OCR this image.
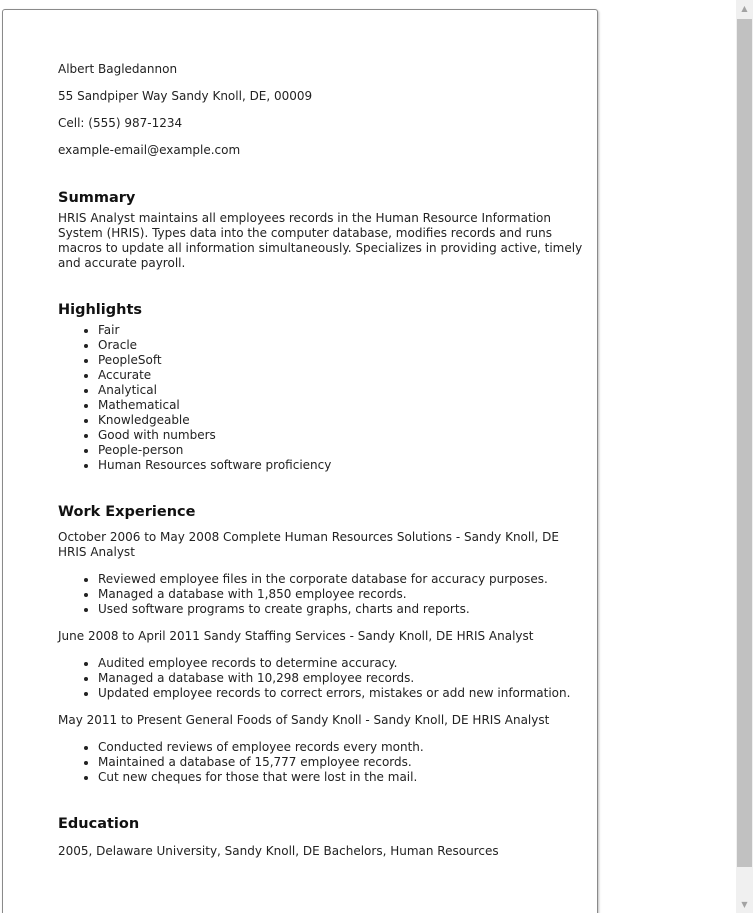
Albert Bagledannon

55 Sandpiper Way Sandy Knoll, DE, 00009

Cell: (555) 987-1234

example-email@example.com

Summary

HRIS Analyst maintains all employees records in the Human Resource Information System (HRIS). Types data into the computer database, modifies records and runs macros to update all information simultaneously. Specializes in providing active, timely and accurate payroll.

Highlights
• Fair
• Oracle
• PeopleSoft
• Accurate
• Analytical
• Mathematical
• Knowledgeable
• Good with numbers
• People-person
• Human Resources software proficiency
Work Experience

October 2006 to May 2008 Complete Human Resources Solutions - Sandy Knoll, DE HRIS Analyst

• Reviewed employee files in the corporate database for accuracy purposes.
• Managed a database with 1,850 employee records.
• Used software programs to create graphs, charts and reports.

June 2008 to April 2011 Sandy Staffing Services - Sandy Knoll, DE HRIS Analyst

• Audited employee records to determine accuracy.
• Managed a database with 10,298 employee records.
• Updated employee records to correct errors, mistakes or add new information.

May 2011 to Present General Foods of Sandy Knoll - Sandy Knoll, DE HRIS Analyst

• Conducted reviews of employee records every month.
• Maintained a database of 15,777 employee records.
• Cut new cheques for those that were lost in the mail.
Education

2005, Delaware University, Sandy Knoll, DE Bachelors, Human Resources

▲
▼
